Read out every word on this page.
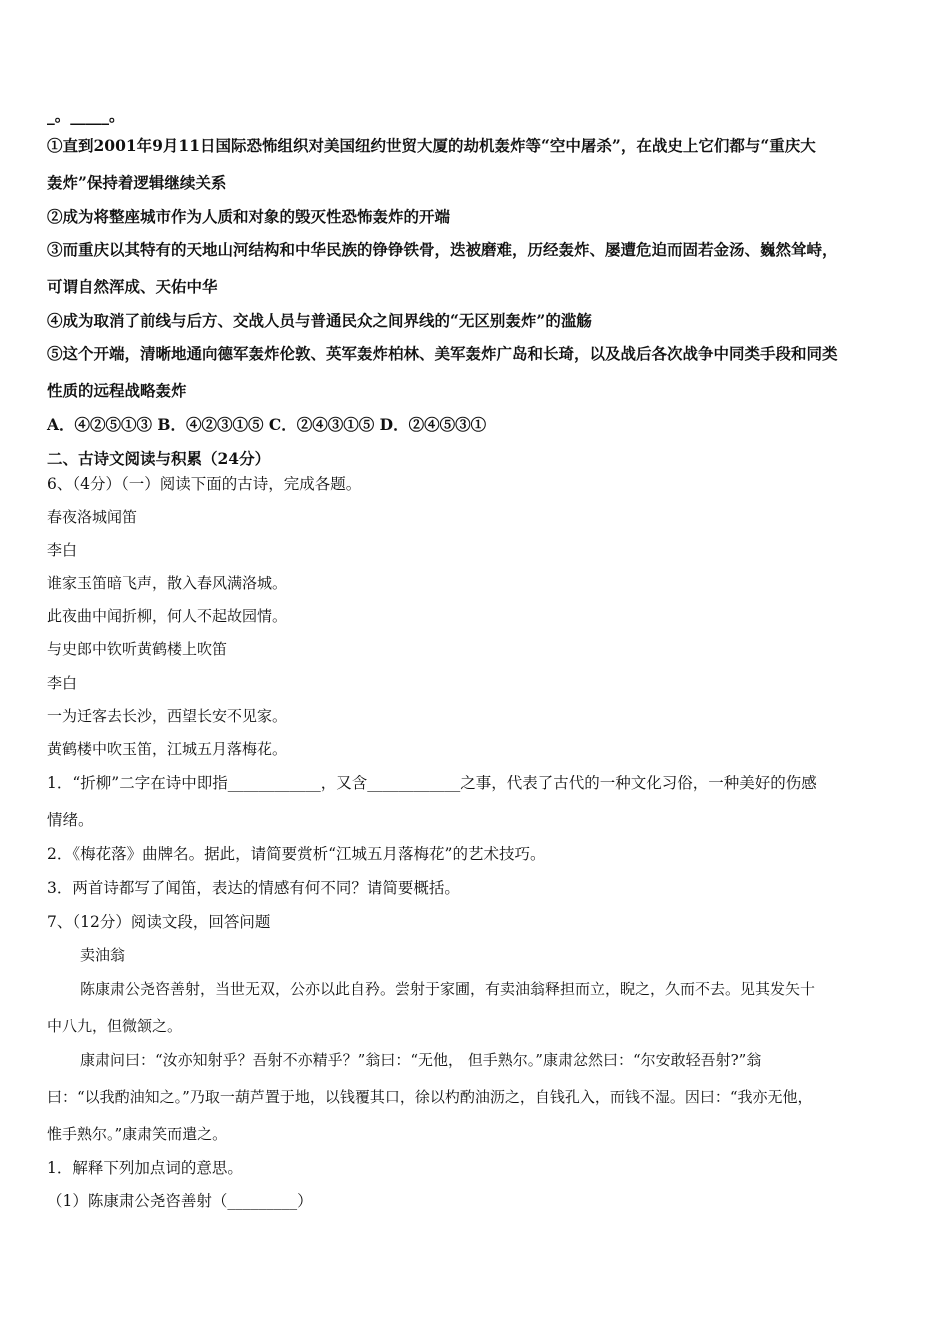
_。_____。
①直到2001年9月11日国际恐怖组织对美国纽约世贸大厦的劫机轰炸等“空中屠杀”，在战史上它们都与“重庆大
轰炸”保持着逻辑继续关系
②成为将整座城市作为人质和对象的毁灭性恐怖轰炸的开端
③而重庆以其特有的天地山河结构和中华民族的铮铮铁骨，迭被磨难，历经轰炸、屡遭危迫而固若金汤、巍然耸峙，
可谓自然浑成、天佑中华
④成为取消了前线与后方、交战人员与普通民众之间界线的“无区别轰炸”的滥觞
⑤这个开端，清晰地通向德军轰炸伦敦、英军轰炸柏林、美军轰炸广岛和长琦，以及战后各次战争中同类手段和同类
性质的远程战略轰炸
A．④②⑤①③ B．④②③①⑤ C．②④③①⑤ D．②④⑤③①
二、古诗文阅读与积累（24分）
6、（4分）（一）阅读下面的古诗，完成各题。
春夜洛城闻笛
李白
谁家玉笛暗飞声，散入春风满洛城。
此夜曲中闻折柳，何人不起故园情。
与史郎中钦听黄鹤楼上吹笛
李白
一为迁客去长沙，西望长安不见家。
黄鹤楼中吹玉笛，江城五月落梅花。
1．“折柳”二字在诗中即指____________，又含____________之事，代表了古代的一种文化习俗，一种美好的伤感
情绪。
2．《梅花落》曲牌名。据此，请简要赏析“江城五月落梅花”的艺术技巧。
3．两首诗都写了闻笛，表达的情感有何不同？请简要概括。
7、（12分）阅读文段，回答问题
卖油翁
陈康肃公尧咨善射，当世无双，公亦以此自矜。尝射于家圃，有卖油翁释担而立，睨之，久而不去。见其发矢十
中八九，但微颔之。
康肃问曰：“汝亦知射乎？吾射不亦精乎？”翁曰：“无他， 但手熟尔。”康肃忿然曰：“尔安敢轻吾射?”翁
曰：“以我酌油知之。”乃取一葫芦置于地，以钱覆其口，徐以杓酌油沥之，自钱孔入，而钱不湿。因曰：“我亦无他，
惟手熟尔。”康肃笑而遣之。
1．解释下列加点词的意思。
（1）陈康肃公尧咨善射（_________）
